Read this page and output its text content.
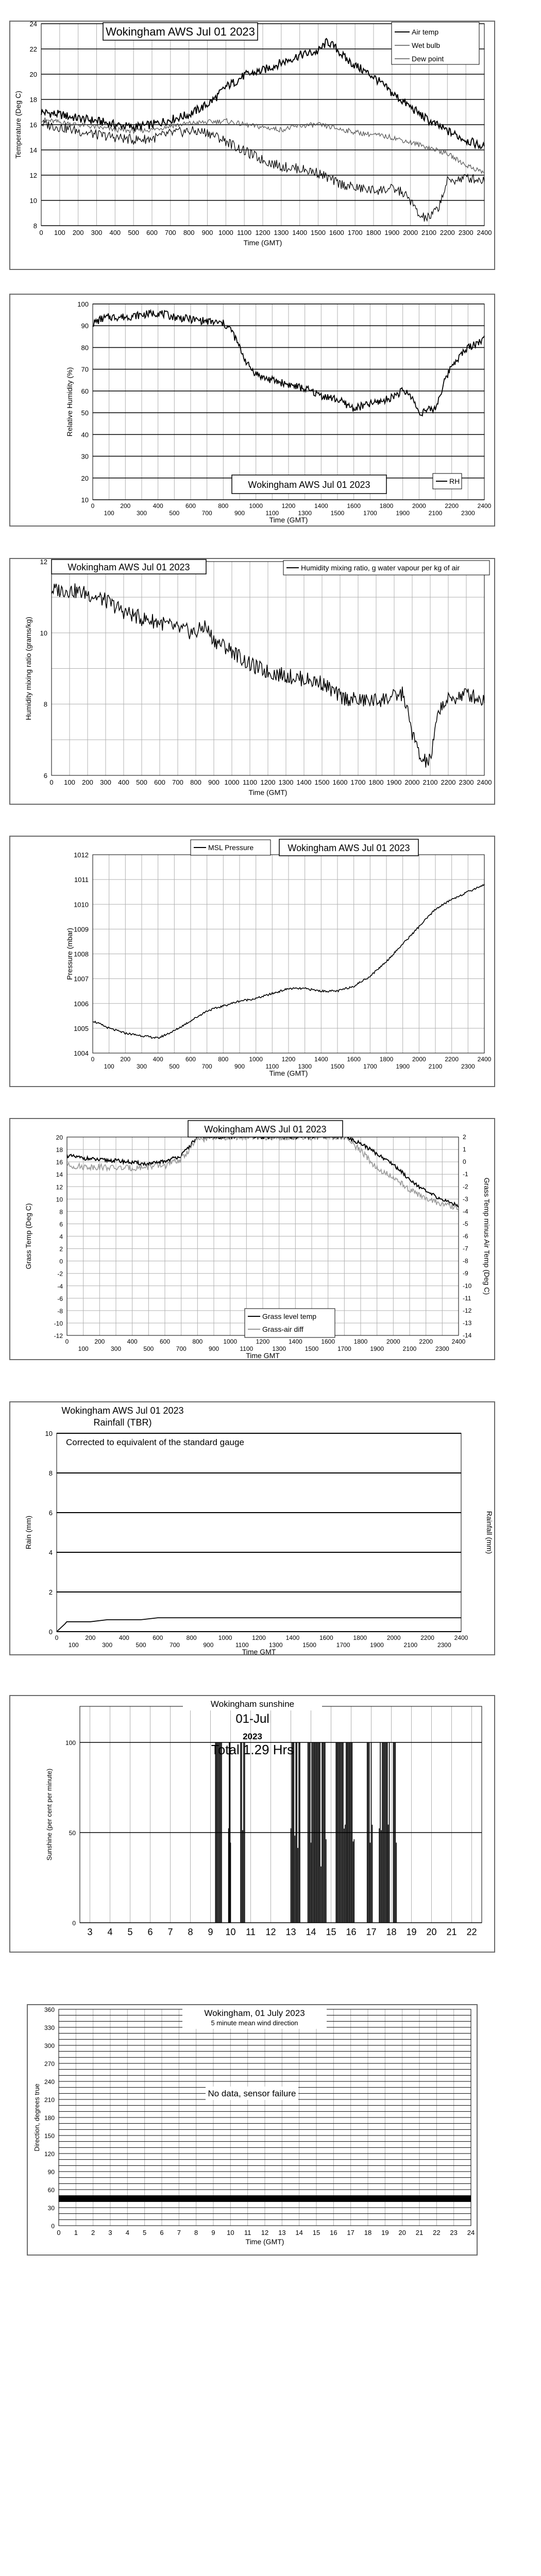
8
10
12
14
16
18
20
22
24
0 100 200 300 400 500 600 700 800 900 1000 1100 1200 1300 1400 1500 1600 1700 1800 1900 2000 2100 2200 2300 2400
Time (GMT)
Temperature (Deg C)
Wokingham AWS Jul 01 2023	Air temp
Wet bulb
Dew point
10
20
30
40
50
60
70
80
90
100
0	200	400	600	800	1000	1200	1400	1600	1800	2000	2200	2400
100	300	500	700	900	1100	1300	1500	1700	1900	2100	2300
Time (GMT)
Relative Humidity (%)
Wokingham AWS Jul 01 2023	RH
6
8
10
12
0 100 200 300 400 500 600 700 800 900 1000 1100 1200 1300 1400 1500 1600 1700 1800 1900 2000 2100 2200 2300 2400
Time (GMT)
Humidity mixing ratio (grams/kg)
Wokingham AWS Jul 01 2023	Humidity mixing ratio, g water vapour per kg of air
1004
1005
1006
1007
1008
1009
1010
1011
1012
0	200	400	600	800	1000	1200	1400	1600	1800	2000	2200	2400
100	300	500	700	900	1100	1300	1500	1700	1900	2100	2300
Time (GMT)
Pressure (mbar)
MSL Pressure	Wokingham AWS Jul 01 2023
-12
-10
-8
-6
-4
-2
0
2
4
6
8
10
12
14
16
18
20
-14
-13
-12
-11
-10
-9
-8
-7
-6
-5
-4
-3
-2
-1
0
1
2
0	200	400	600	800	1000	1200	1400	1600	1800	2000	2200	2400
100	300	500	700	900	1100	1300	1500	1700	1900	2100	2300
Time GMT
Grass Temp (Deg C)	Grass Temp minus Air Temp (Deg C)
Wokingham AWS Jul 01 2023
Grass level temp
Grass-air diff
0
2
4
6
8
10
0	200	400	600	800	1000	1200	1400	1600	1800	2000	2200	2400
100	300	500	700	900	1100	1300	1500	1700	1900	2100	2300
Time GMT
Rain (mm)	Rainfall (mm)
Wokingham AWS Jul 01 2023
Rainfall (TBR)
Corrected to equivalent of the standard gauge
0
50
100
3 4 5 6 7 8 9 10 11 12 13 14 15 16 17 18 19 20 21 22
Sunshine (per cent per minute)
Wokingham sunshine
01-Jul
2023
Total 1.29 Hrs
0
30
60
90
120
150
180
210
240
270
300
330
360
0 1 2 3 4 5 6 7 8 9 10 11 12 13 14 15 16 17 18 19 20 21 22 23 24
Time (GMT)
Direction, degrees true
Wokingham, 01 July 2023
5 minute mean wind direction
No data, sensor failure
